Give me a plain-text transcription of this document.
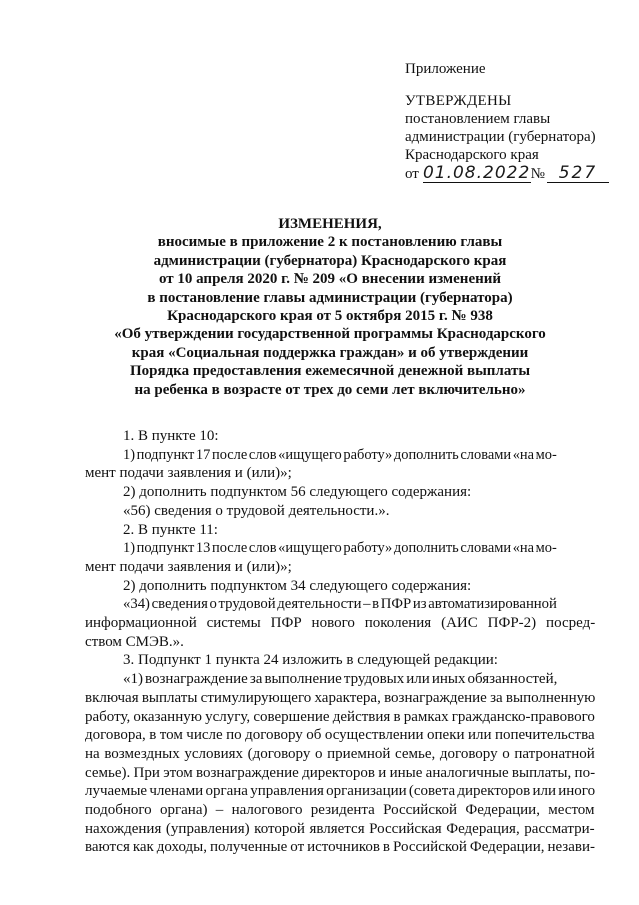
Приложение
УТВЕРЖДЕНЫ
постановлением главы
администрации (губернатора)
Краснодарского края
от 01.08.2022№ 527
ИЗМЕНЕНИЯ,
вносимые в приложение 2 к постановлению главы
администрации (губернатора) Краснодарского края
от 10 апреля 2020 г. № 209 «О внесении изменений
в постановление главы администрации (губернатора)
Краснодарского края от 5 октября 2015 г. № 938
«Об утверждении государственной программы Краснодарского
края «Социальная поддержка граждан» и об утверждении
Порядка предоставления ежемесячной денежной выплаты
на ребенка в возрасте от трех до семи лет включительно»
1. В пункте 10:
1) подпункт 17 после слов «ищущего работу» дополнить словами «на мо-
мент подачи заявления и (или)»;
2) дополнить подпунктом 56 следующего содержания:
«56) сведения о трудовой деятельности.».
2. В пункте 11:
1) подпункт 13 после слов «ищущего работу» дополнить словами «на мо-
мент подачи заявления и (или)»;
2) дополнить подпунктом 34 следующего содержания:
«34) сведения о трудовой деятельности – в ПФР из автоматизированной
информационной системы ПФР нового поколения (АИС ПФР-2) посред-
ством СМЭВ.».
3. Подпункт 1 пункта 24 изложить в следующей редакции:
«1) вознаграждение за выполнение трудовых или иных обязанностей,
включая выплаты стимулирующего характера, вознаграждение за выполненную
работу, оказанную услугу, совершение действия в рамках гражданско-правового
договора, в том числе по договору об осуществлении опеки или попечительства
на возмездных условиях (договору о приемной семье, договору о патронатной
семье). При этом вознаграждение директоров и иные аналогичные выплаты, по-
лучаемые членами органа управления организации (совета директоров или иного
подобного органа) – налогового резидента Российской Федерации, местом
нахождения (управления) которой является Российская Федерация, рассматри-
ваются как доходы, полученные от источников в Российской Федерации, незави-
